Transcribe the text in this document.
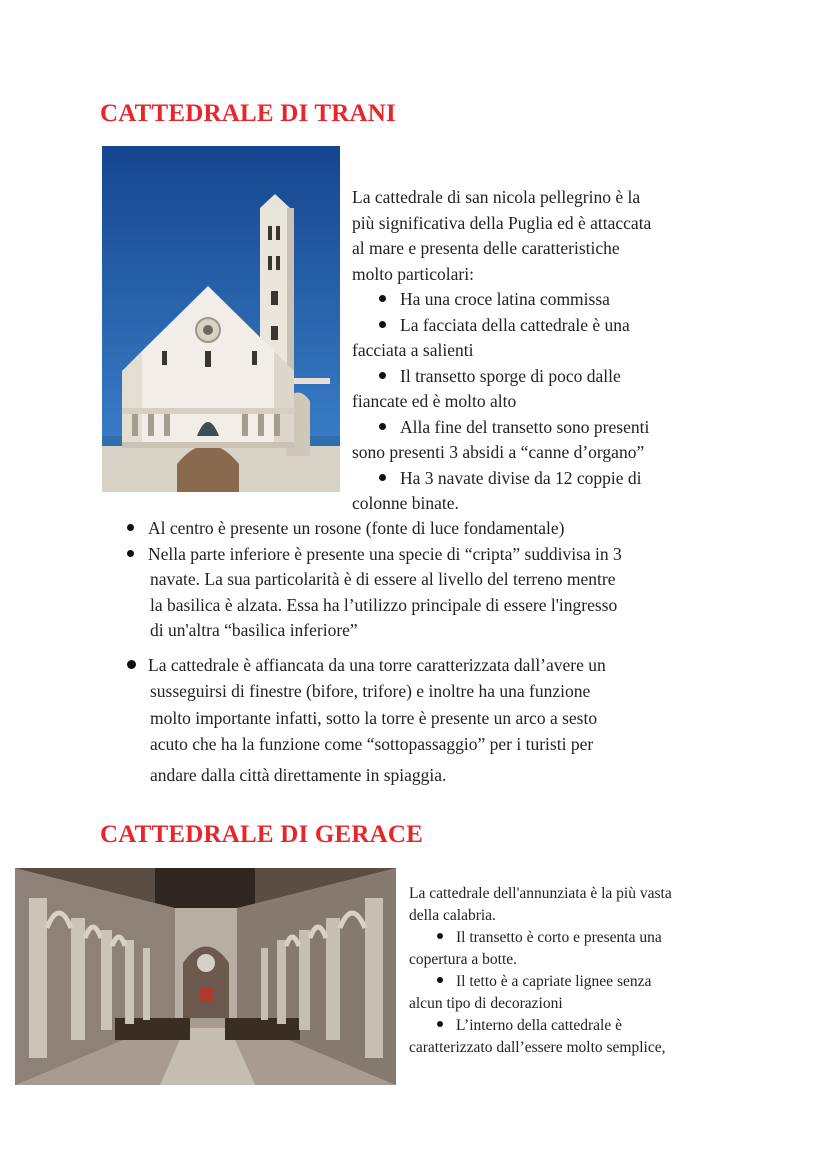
CATTEDRALE DI TRANI
La cattedrale di san nicola pellegrino è la
più significativa della Puglia ed è attaccata
al mare e presenta delle caratteristiche
molto particolari:
Ha una croce latina commissa
La facciata della cattedrale è una
facciata a salienti
Il transetto sporge di poco dalle
fiancate ed è molto alto
Alla fine del transetto sono presenti
sono presenti 3 absidi a “canne d’organo”
Ha 3 navate divise da 12 coppie di
colonne binate.
Al centro è presente un rosone (fonte di luce fondamentale)
Nella parte inferiore è presente una specie di “cripta” suddivisa in 3
navate. La sua particolarità è di essere al livello del terreno mentre
la basilica è alzata. Essa ha l’utilizzo principale di essere l'ingresso
di un'altra “basilica inferiore”
La cattedrale è affiancata da una torre caratterizzata dall’avere un
susseguirsi di finestre (bifore, trifore) e inoltre ha una funzione
molto importante infatti, sotto la torre è presente un arco a sesto
acuto che ha la funzione come “sottopassaggio” per i turisti per
andare dalla città direttamente in spiaggia.
CATTEDRALE DI GERACE
La cattedrale dell'annunziata è la più vasta
della calabria.
Il transetto è corto e presenta una
copertura a botte.
Il tetto è a capriate lignee senza
alcun tipo di decorazioni
L’interno della cattedrale è
caratterizzato dall’essere molto semplice,
